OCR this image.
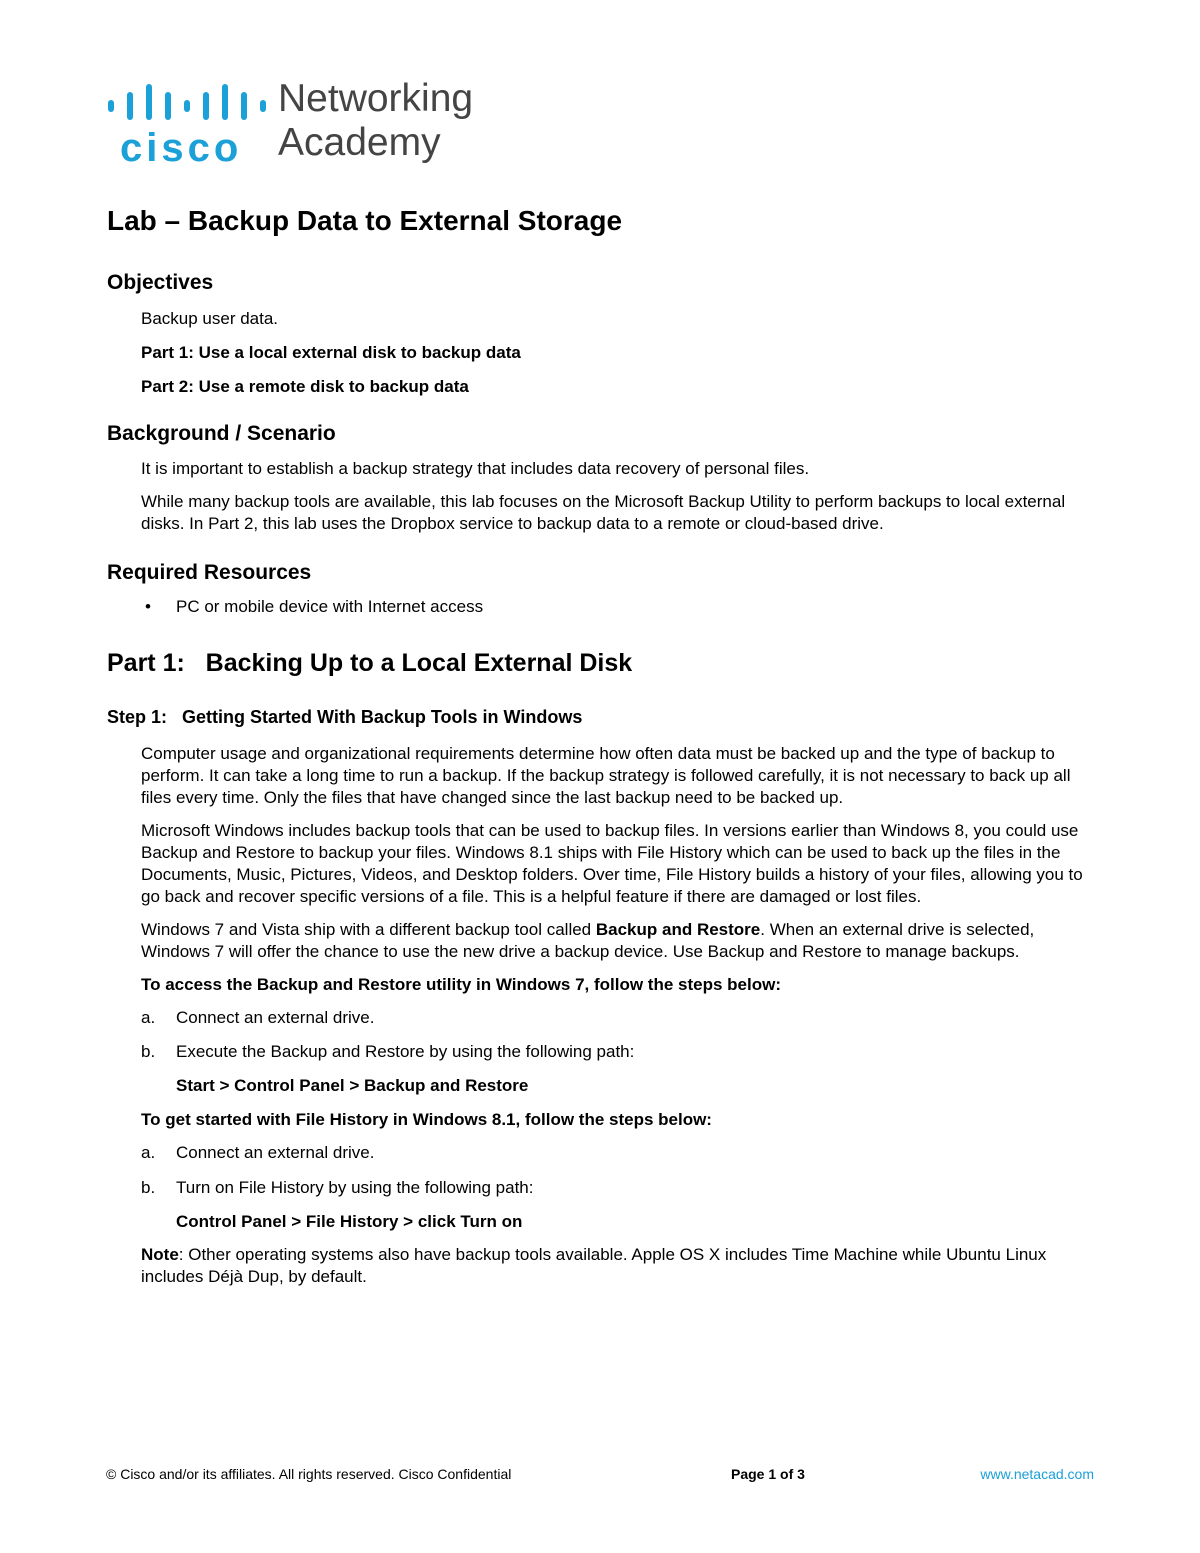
cisco
Networking
Academy
Lab – Backup Data to External Storage
Objectives

Backup user data.

Part 1: Use a local external disk to backup data

Part 2: Use a remote disk to backup data

Background / Scenario

It is important to establish a backup strategy that includes data recovery of personal files.

While many backup tools are available, this lab focuses on the Microsoft Backup Utility to perform backups to local external disks. In Part 2, this lab uses the Dropbox service to backup data to a remote or cloud-based drive.

Required Resources
• PC or mobile device with Internet access
Part 1: Backing Up to a Local External Disk
Step 1: Getting Started With Backup Tools in Windows

Computer usage and organizational requirements determine how often data must be backed up and the type of backup to perform. It can take a long time to run a backup. If the backup strategy is followed carefully, it is not necessary to back up all files every time. Only the files that have changed since the last backup need to be backed up.

Microsoft Windows includes backup tools that can be used to backup files. In versions earlier than Windows 8, you could use Backup and Restore to backup your files. Windows 8.1 ships with File History which can be used to back up the files in the Documents, Music, Pictures, Videos, and Desktop folders. Over time, File History builds a history of your files, allowing you to go back and recover specific versions of a file. This is a helpful feature if there are damaged or lost files.

Windows 7 and Vista ship with a different backup tool called Backup and Restore. When an external drive is selected, Windows 7 will offer the chance to use the new drive a backup device. Use Backup and Restore to manage backups.

To access the Backup and Restore utility in Windows 7, follow the steps below:

a. Connect an external drive.
b. Execute the Backup and Restore by using the following path:

Start > Control Panel > Backup and Restore

To get started with File History in Windows 8.1, follow the steps below:

a. Connect an external drive.
b. Turn on File History by using the following path:

Control Panel > File History > click Turn on

Note: Other operating systems also have backup tools available. Apple OS X includes Time Machine while Ubuntu Linux includes Déjà Dup, by default.

© Cisco and/or its affiliates. All rights reserved. Cisco Confidential	Page 1 of 3	www.netacad.com
